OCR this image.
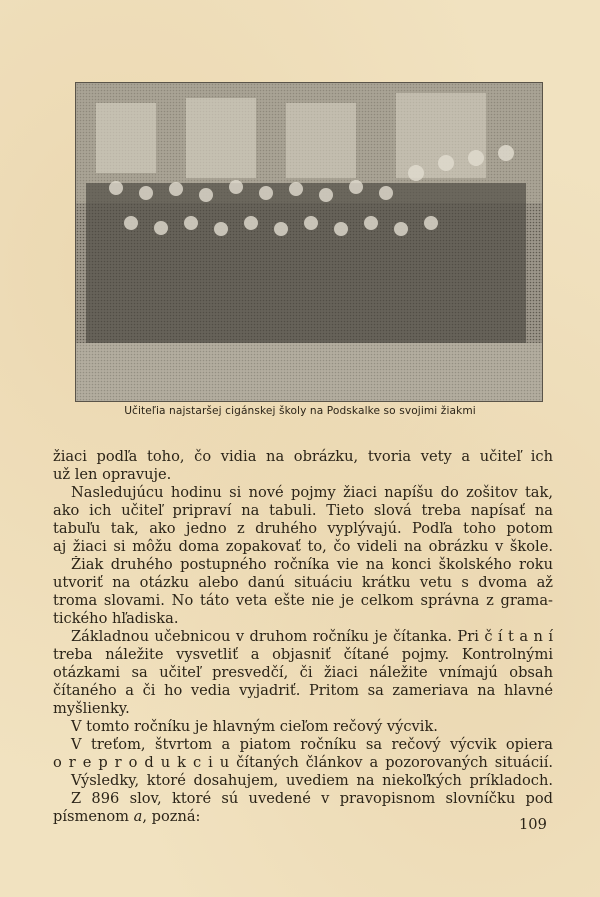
Učiteľia najstaršej cigánskej školy na Podskalke so svojimi žiakmi
žiaci podľa toho, čo vidia na obrázku, tvoria vety a učiteľ ich
už len opravuje.
Nasledujúcu hodinu si nové pojmy žiaci napíšu do zošitov tak,
ako ich učiteľ pripraví na tabuli. Tieto slová treba napísať na
tabuľu tak, ako jedno z druhého vyplývajú. Podľa toho potom
aj žiaci si môžu doma zopakovať to, čo videli na obrázku v škole.
Žiak druhého postupného ročníka vie na konci školského roku
utvoriť na otázku alebo danú situáciu krátku vetu s dvoma až
troma slovami. No táto veta ešte nie je celkom správna z grama-
tického hľadiska.
Základnou učebnicou v druhom ročníku je čítanka. Pri č í t a n í
treba náležite vysvetliť a objasniť čítané pojmy. Kontrolnými
otázkami sa učiteľ presvedčí, či žiaci náležite vnímajú obsah
čítaného a či ho vedia vyjadriť. Pritom sa zameriava na hlavné
myšlienky.
V tomto ročníku je hlavným cieľom rečový výcvik.
V treťom, štvrtom a piatom ročníku sa rečový výcvik opiera
o r e p r o d u k c i u čítaných článkov a pozorovaných situácií.
Výsledky, ktoré dosahujem, uvediem na niekoľkých príkladoch.
Z 896 slov, ktoré sú uvedené v pravopisnom slovníčku pod
písmenom a, pozná:	109
